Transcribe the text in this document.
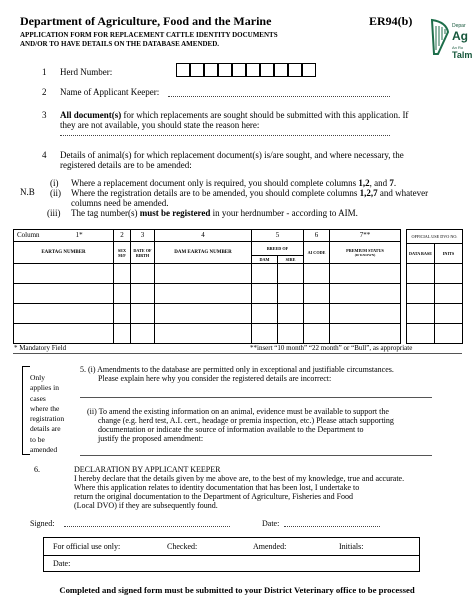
Department of Agriculture, Food and the Marine	ER94(b)
APPLICATION FORM FOR REPLACEMENT CATTLE IDENTITY DOCUMENTS
AND/OR TO HAVE DETAILS ON THE DATABASE AMENDED.
Depar
Ag
An Ro
Talm
1 Herd Number:
2 Name of Applicant Keeper:
3 All document(s) for which replacements are sought should be submitted with this application. If
they are not available, you should state the reason here:
4 Details of animal(s) for which replacement document(s) is/are sought, and where necessary, the
registered details are to be amended:
N.B
(i) Where a replacement document only is required, you should complete columns 1,2, and 7.
(ii) Where the registration details are to be amended, you should complete columns 1,2,7 and whatever
columns need be amended.
(iii) The tag number(s) must be registered in your herdnumber - according to AIM.
Column 1*	2	3	4	5		6	7**
EARTAG NUMBER	SEX M/F	DATE OF BIRTH	DAM EARTAG NUMBER	BREED OF		AI CODE	PREMIUM STATUS
(IF KNOWN)

				DAM	SIRE		

OFFICIAL USE DVO NO.	
DATA BASE	INITS

* Mandatory Field	**insert “10 month” “22 month” or “Bull”, as appropriate
Only
applies in
cases
where the
registration
details are
to be
amended
5. (i) Amendments to the database are permitted only in exceptional and justifiable circumstances.
Please explain here why you consider the registered details are incorrect:
(ii) To amend the existing information on an animal, evidence must be available to support the
change (e.g. herd test, A.I. cert., headage or premia inspection, etc.) Please attach supporting
documentation or indicate the source of information available to the Department to
justify the proposed amendment:
6.	DECLARATION BY APPLICANT KEEPER
I hereby declare that the details given by me above are, to the best of my knowledge, true and accurate.
Where this application relates to identity documentation that has been lost, I undertake to
return the original documentation to the Department of Agriculture, Fisheries and Food
(Local DVO) if they are subsequently found.
Signed:	Date:
For official use only:	Checked:	Amended:	Initials:
Date:
Completed and signed form must be submitted to your District Veterinary office to be processed
